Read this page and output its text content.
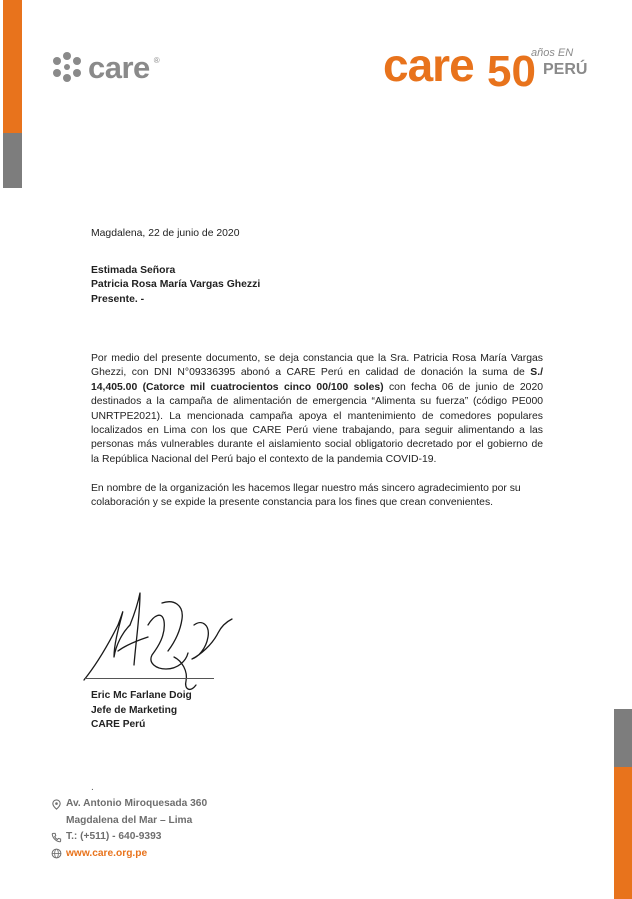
care ®	care 50
años EN
PERÚ
Magdalena, 22 de junio de 2020
Estimada Señora
Patricia Rosa María Vargas Ghezzi
Presente. -
Por medio del presente documento, se deja constancia que la Sra. Patricia Rosa María Vargas Ghezzi, con DNI N°09336395 abonó a CARE Perú en calidad de donación la suma de S./ 14,405.00 (Catorce mil cuatrocientos cinco 00/100 soles) con fecha 06 de junio de 2020 destinados a la campaña de alimentación de emergencia “Alimenta su fuerza” (código PE000 UNRTPE2021). La mencionada campaña apoya el mantenimiento de comedores populares localizados en Lima con los que CARE Perú viene trabajando, para seguir alimentando a las personas más vulnerables durante el aislamiento social obligatorio decretado por el gobierno de la República Nacional del Perú bajo el contexto de la pandemia COVID-19.
En nombre de la organización les hacemos llegar nuestro más sincero agradecimiento por su colaboración y se expide la presente constancia para los fines que crean convenientes.
Eric Mc Farlane Doig
Jefe de Marketing
CARE Perú
.
Av. Antonio Miroquesada 360
Magdalena del Mar – Lima
T.: (+511) - 640-9393
www.care.org.pe
